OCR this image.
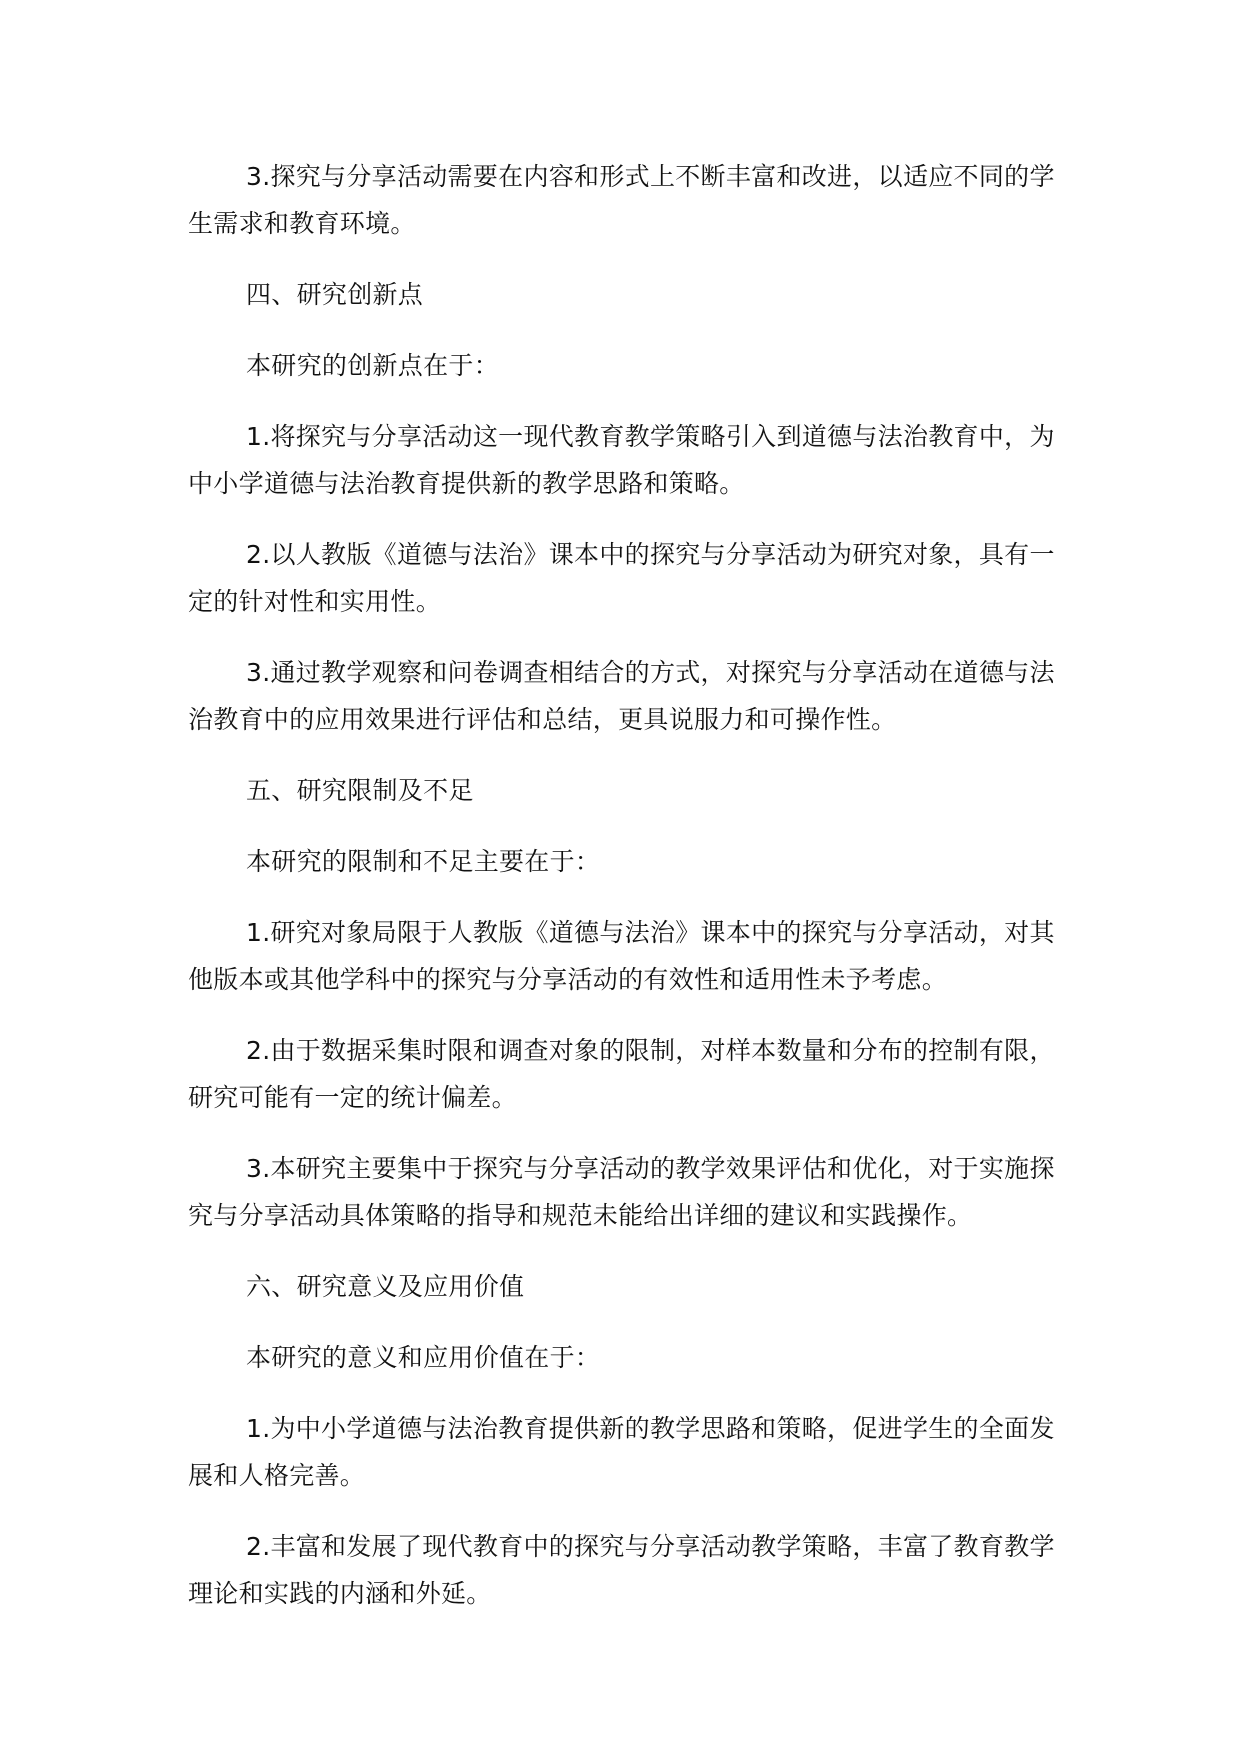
3.探究与分享活动需要在内容和形式上不断丰富和改进，以适应不同的学生需求和教育环境。

四、研究创新点

本研究的创新点在于：

1.将探究与分享活动这一现代教育教学策略引入到道德与法治教育中，为中小学道德与法治教育提供新的教学思路和策略。

2.以人教版《道德与法治》课本中的探究与分享活动为研究对象，具有一定的针对性和实用性。

3.通过教学观察和问卷调查相结合的方式，对探究与分享活动在道德与法治教育中的应用效果进行评估和总结，更具说服力和可操作性。

五、研究限制及不足

本研究的限制和不足主要在于：

1.研究对象局限于人教版《道德与法治》课本中的探究与分享活动，对其他版本或其他学科中的探究与分享活动的有效性和适用性未予考虑。

2.由于数据采集时限和调查对象的限制，对样本数量和分布的控制有限，研究可能有一定的统计偏差。

3.本研究主要集中于探究与分享活动的教学效果评估和优化，对于实施探究与分享活动具体策略的指导和规范未能给出详细的建议和实践操作。

六、研究意义及应用价值

本研究的意义和应用价值在于：

1.为中小学道德与法治教育提供新的教学思路和策略，促进学生的全面发展和人格完善。

2.丰富和发展了现代教育中的探究与分享活动教学策略，丰富了教育教学理论和实践的内涵和外延。
